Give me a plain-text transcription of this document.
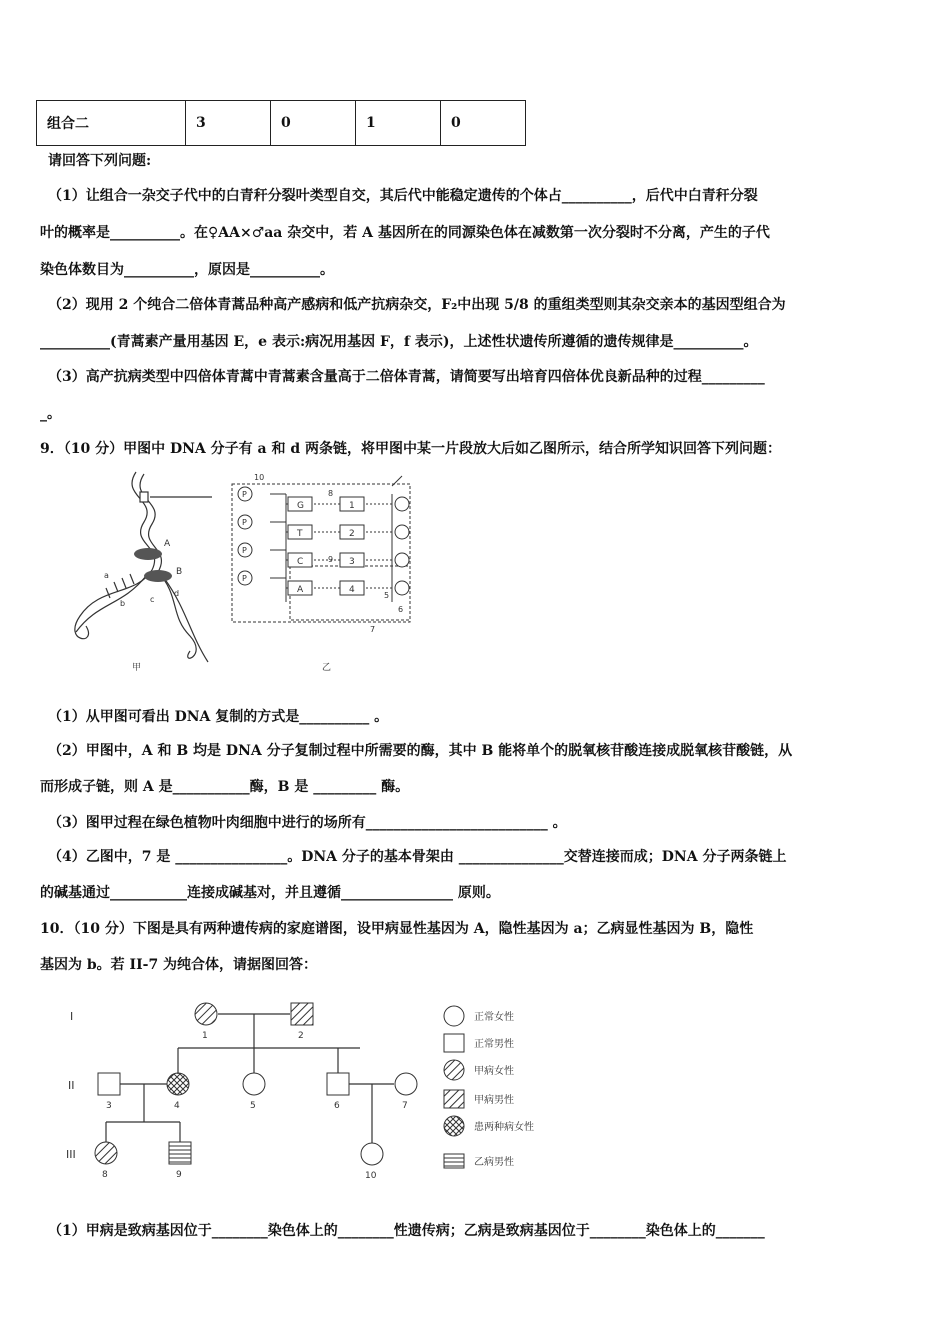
组合二	3	0	1	0
请回答下列问题:
（1）让组合一杂交子代中的白青秆分裂叶类型自交，其后代中能稳定遗传的个体占__________，后代中白青秆分裂
叶的概率是__________。在♀AA×♂aa 杂交中，若 A 基因所在的同源染色体在减数第一次分裂时不分离，产生的子代
染色体数目为__________，原因是__________。
（2）现用 2 个纯合二倍体青蒿品种高产感病和低产抗病杂交，F₂中出现 5/8 的重组类型则其杂交亲本的基因型组合为
__________(青蒿素产量用基因 E，e 表示:病况用基因 F，f 表示)，上述性状遗传所遵循的遗传规律是__________。
（3）高产抗病类型中四倍体青蒿中青蒿素含量高于二倍体青蒿，请简要写出培育四倍体优良新品种的过程_________
_。
9．（10 分）甲图中 DNA 分子有 a 和 d 两条链，将甲图中某一片段放大后如乙图所示，结合所学知识回答下列问题：
A
B
a
b	c
d
甲
P
P
P
P
G
T
C
A
1
2
3
4
10
8
9
5
6
7
乙
（1）从甲图可看出 DNA 复制的方式是__________ 。
（2）甲图中，A 和 B 均是 DNA 分子复制过程中所需要的酶，其中 B 能将单个的脱氧核苷酸连接成脱氧核苷酸链，从
而形成子链，则 A 是___________酶，B 是 _________ 酶。
（3）图甲过程在绿色植物叶肉细胞中进行的场所有__________________________ 。
（4）乙图中，7 是 ________________。DNA 分子的基本骨架由 _______________交替连接而成；DNA 分子两条链上
的碱基通过___________连接成碱基对，并且遵循________________ 原则。
10．（10 分）下图是具有两种遗传病的家庭谱图，设甲病显性基因为 A，隐性基因为 a；乙病显性基因为 B，隐性
基因为 b。若 II-7 为纯合体，请据图回答：
I
II
III
1	2
3	4	5	6	7
8	9	10
正常女性
正常男性
甲病女性
甲病男性
患两种病女性
乙病男性
（1）甲病是致病基因位于________染色体上的________性遗传病；乙病是致病基因位于________染色体上的_______
